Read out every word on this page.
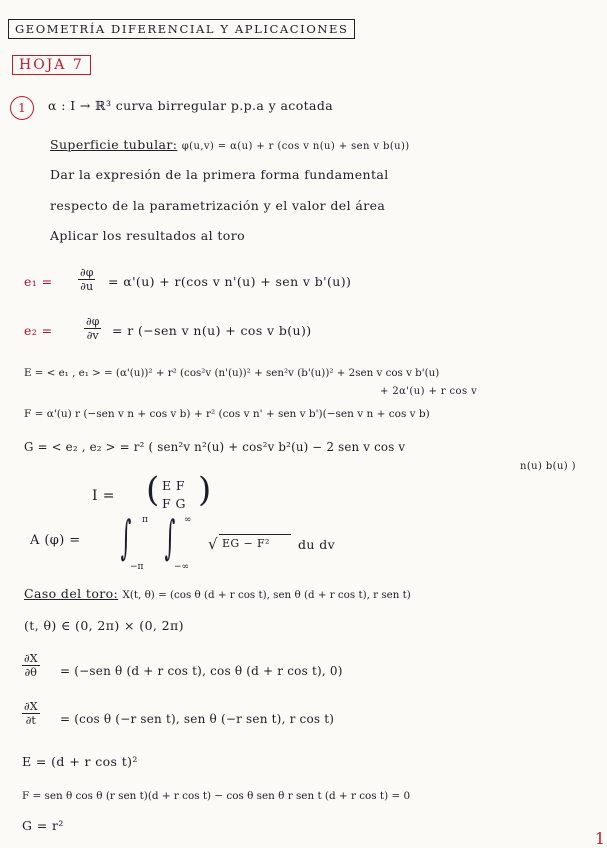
GEOMETRÍA DIFERENCIAL Y APLICACIONES
HOJA 7
1	α : I → ℝ³ curva birregular p.p.a y acotada
Superficie tubular: φ(u,v) = α(u) + r (cos v n(u) + sen v b(u))
Dar la expresión de la primera forma fundamental
respecto de la parametrización y el valor del área
Aplicar los resultados al toro
$e_1 = \frac{\partial\varphi}{\partial u} = \alpha'(u) + r(\cos$ v n'(u) + sen v b'(u))
e₂ =	$\frac{\partial\varphi}{\partial v} = r$ (−sen v n(u) + cos v b(u))
E = < e₁ , e₁ > = (α'(u))² + r² (cos²v (n'(u))² + sen²v (b'(u))² + 2sen v cos v b'(u)
+ 2α'(u) + r cos v
F = α'(u) r (−sen v n + cos v b) + r² (cos v n' + sen v b')(−sen v n + cos v b)
G = < e₂ , e₂ > = r² ( sen²v n²(u) + cos²v b²(u) − 2 sen v cos v
n(u) b(u) )
I = ( E F
F G )
A (φ) = ∫ π
−π
∫ ∞
−∞
√ EG − F² du dv
Caso del toro: X(t, θ) = (cos θ (d + r cos t), sen θ (d + r cos t), r sen t)
(t, θ) ∈ (0, 2π) × (0, 2π)
$\frac{\partial X}{\partial\theta} = (-sen$ θ (d + r cos t), cos θ (d + r cos t), 0)
$\frac{\partial X}{\partial t} = (\cos$ θ (−r sen t), sen θ (−r sen t), r cos t)
E = (d + r cos t)²
F = sen θ cos θ (r sen t)(d + r cos t) − cos θ sen θ r sen t (d + r cos t) = 0
G = r²
1
